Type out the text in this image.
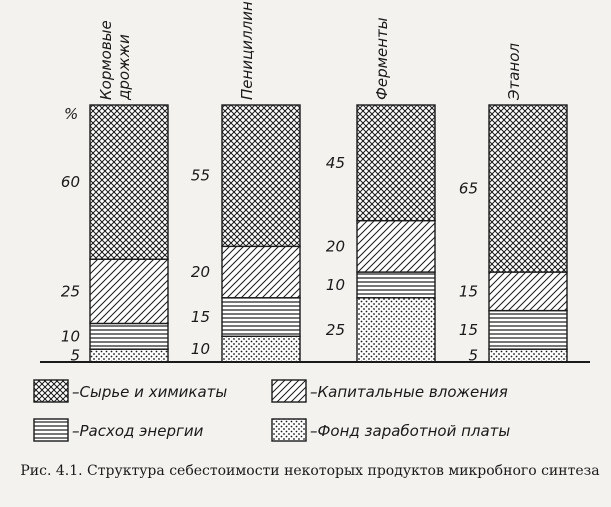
5
10
25
60
10
15
20
55
25
10
20
45
5
15
15
65
Кормовые дрожжи	Пенициллин	Ферменты	Этанол
%
–Сырье и химикаты	–Капитальные вложения
–Расход энергии	–Фонд заработной платы
Рис. 4.1. Структура себестоимости некоторых продуктов микробного синтеза
